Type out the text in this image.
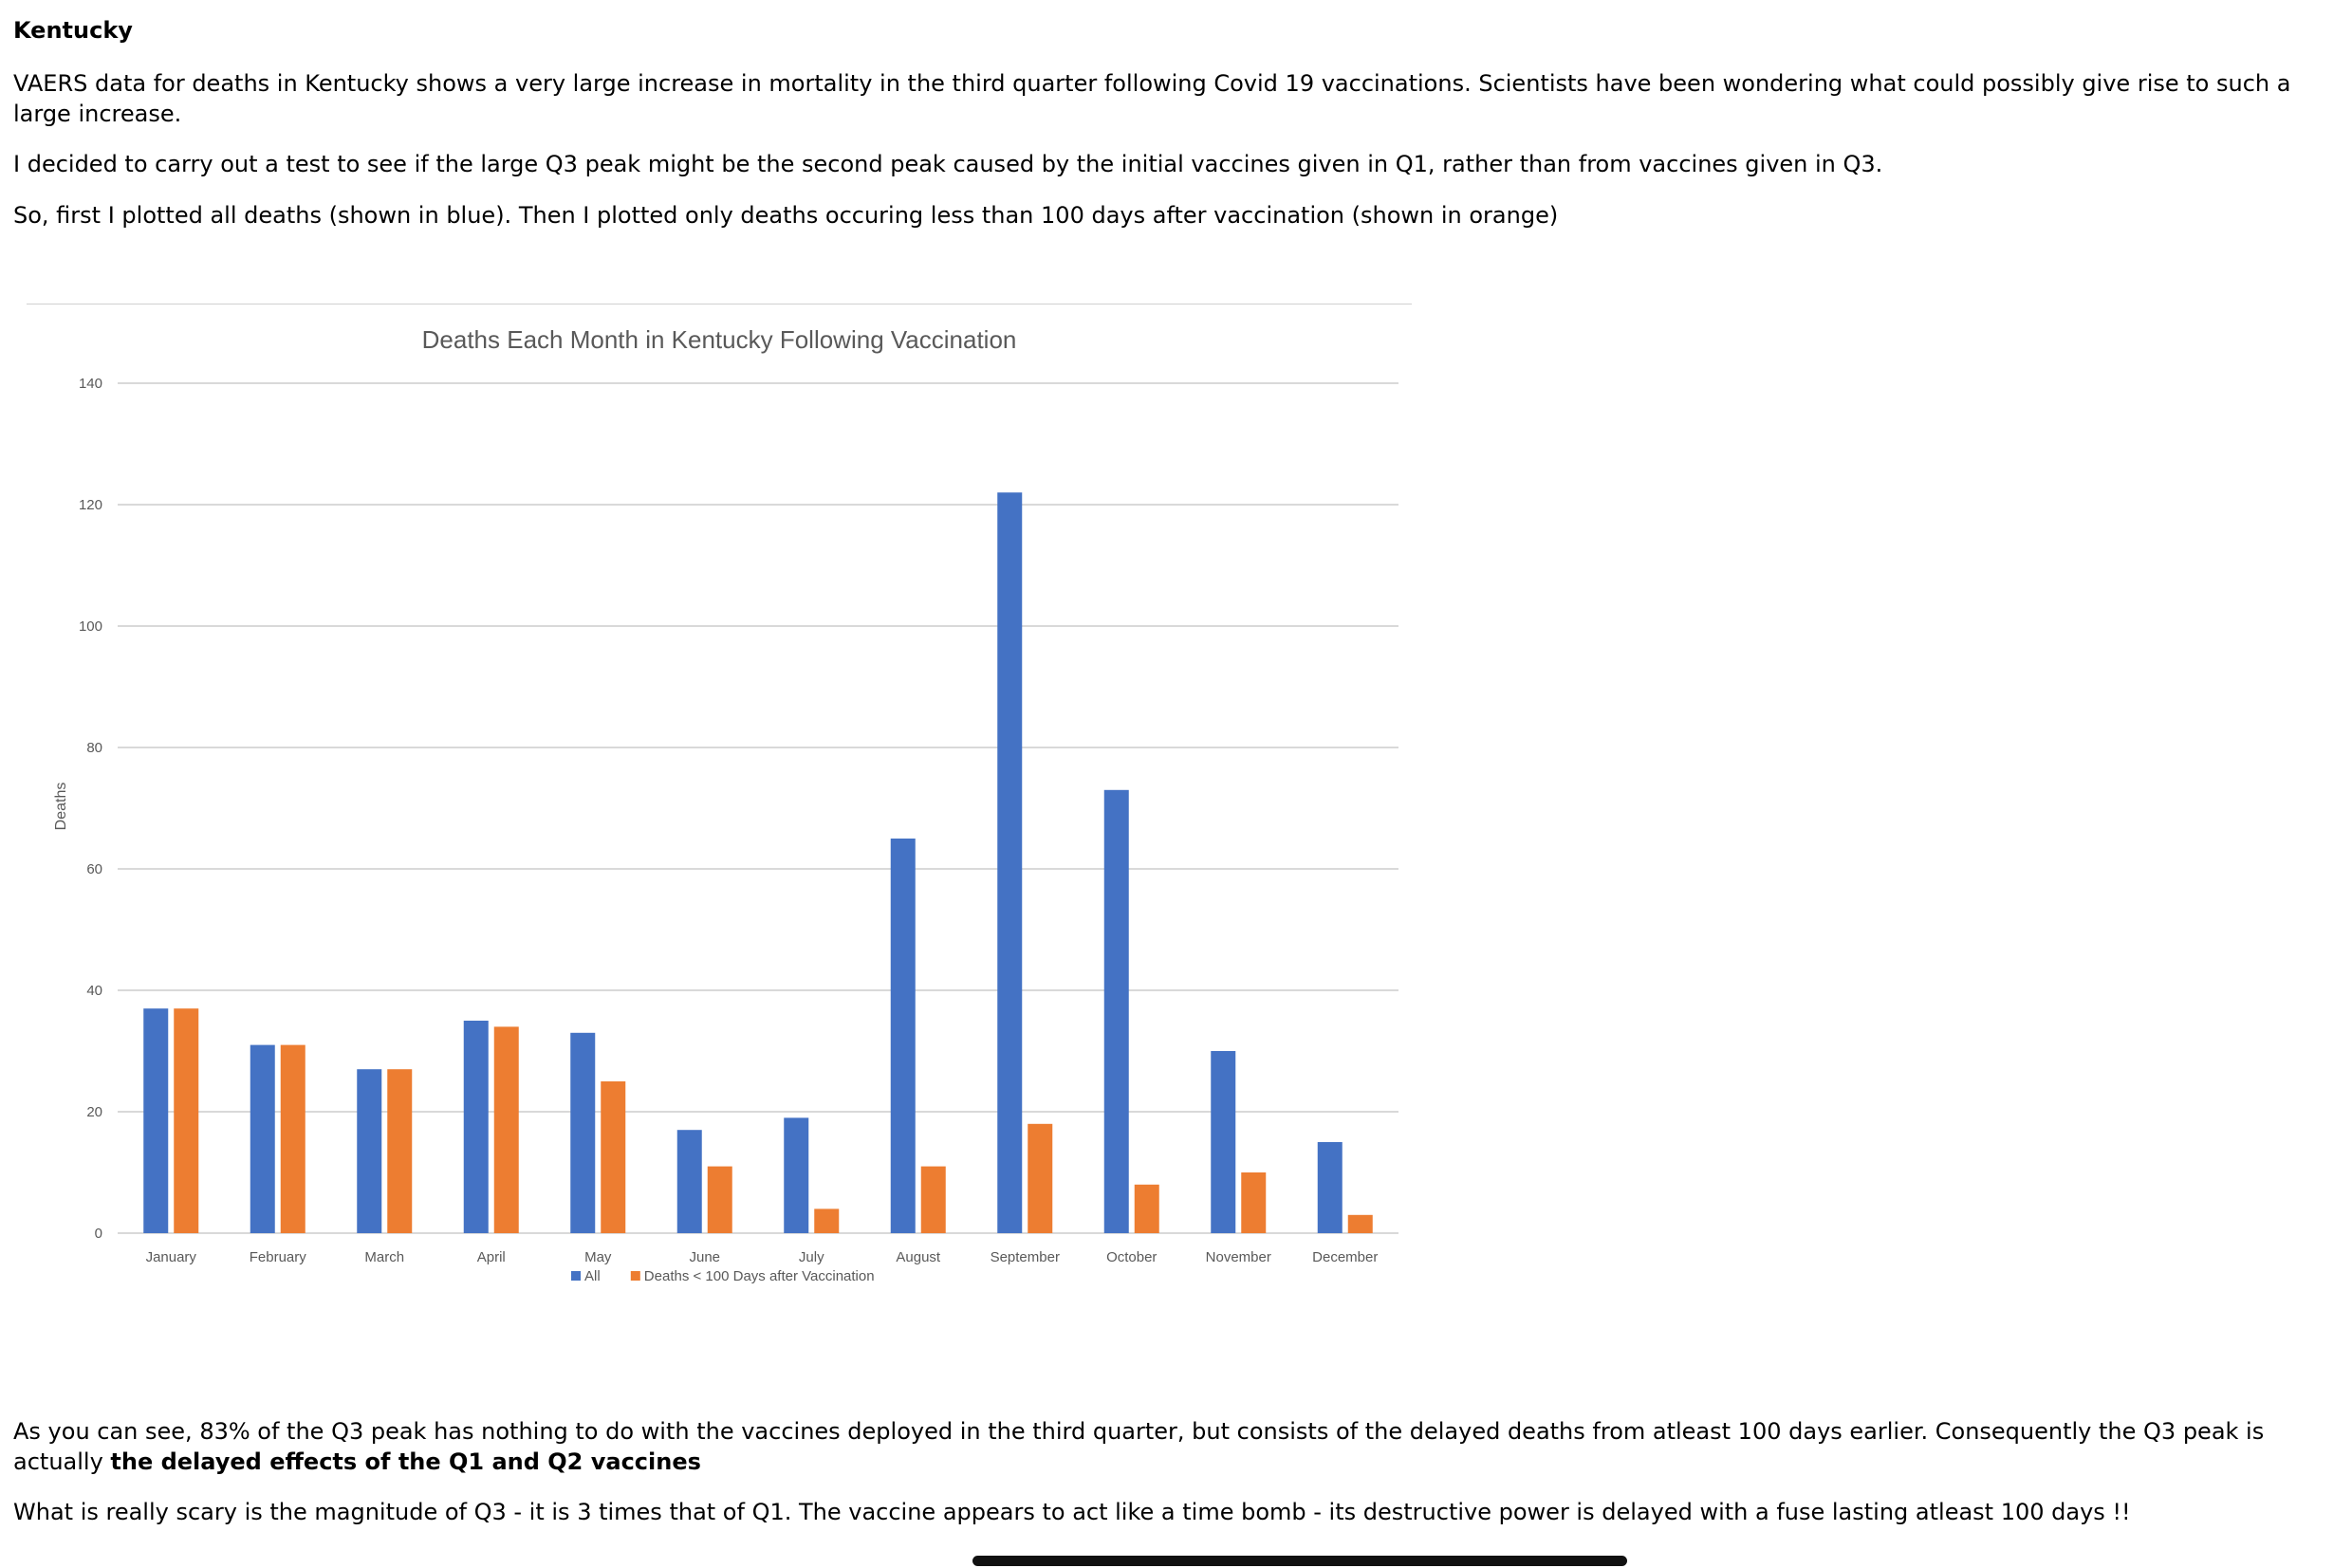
Kentucky

VAERS data for deaths in Kentucky shows a very large increase in mortality in the third quarter following Covid 19 vaccinations. Scientists have been wondering what could possibly give rise to such a large increase.

I decided to carry out a test to see if the large Q3 peak might be the second peak caused by the initial vaccines given in Q1, rather than from vaccines given in Q3.

So, first I plotted all deaths (shown in blue). Then I plotted only deaths occuring less than 100 days after vaccination (shown in orange)

Deaths Each Month in Kentucky Following Vaccination
Deaths
0
20
40
60
80
100
120
140
January	February	March	April	May	June	July	August	September	October	November	December
All	Deaths < 100 Days after Vaccination

As you can see, 83% of the Q3 peak has nothing to do with the vaccines deployed in the third quarter, but consists of the delayed deaths from atleast 100 days earlier. Consequently the Q3 peak is actually the delayed effects of the Q1 and Q2 vaccines

What is really scary is the magnitude of Q3 - it is 3 times that of Q1. The vaccine appears to act like a time bomb - its destructive power is delayed with a fuse lasting atleast 100 days !!
